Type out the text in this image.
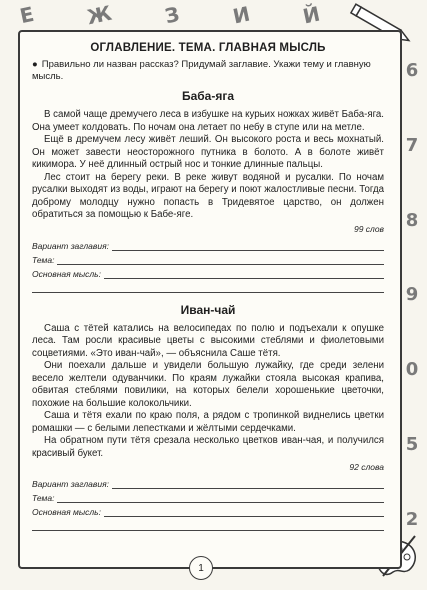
Е Ж З И Й
6
7
8
9
0
5
2
ОГЛАВЛЕНИЕ. ТЕМА. ГЛАВНАЯ МЫСЛЬ

● Правильно ли назван рассказ? Придумай заглавие. Укажи тему и главную мысль.

Баба-яга

В самой чаще дремучего леса в избушке на курьих ножках живёт Баба-яга. Она умеет колдовать. По ночам она летает по небу в ступе или на метле.

Ещё в дремучем лесу живёт леший. Он высокого роста и весь мохнатый. Он может завести неосторожного путника в болото. А в болоте живёт кикимора. У неё длинный острый нос и тонкие длинные пальцы.

Лес стоит на берегу реки. В реке живут водяной и русалки. По ночам русалки выходят из воды, играют на берегу и поют жалостливые песни. Тогда доброму молодцу нужно попасть в Тридевятое царство, он должен обратиться за помощью к Бабе-яге.

99 слов
Вариант заглавия:
Тема:
Основная мысль:
Иван-чай

Саша с тётей катались на велосипедах по полю и подъехали к опушке леса. Там росли красивые цветы с высокими стеблями и фиолетовыми соцветиями. «Это иван-чай», — объяснила Саше тётя.

Они поехали дальше и увидели большую лужайку, где среди зелени весело желтели одуванчики. По краям лужайки стояла высокая крапива, обвитая стеблями повилики, на которых белели хорошенькие цветочки, похожие на большие колокольчики.

Саша и тётя ехали по краю поля, а рядом с тропинкой виднелись цветки ромашки — с белыми лепестками и жёлтыми сердечками.

На обратном пути тётя срезала несколько цветков иван-чая, и получился красивый букет.

92 слова
Вариант заглавия:
Тема:
Основная мысль:
1
